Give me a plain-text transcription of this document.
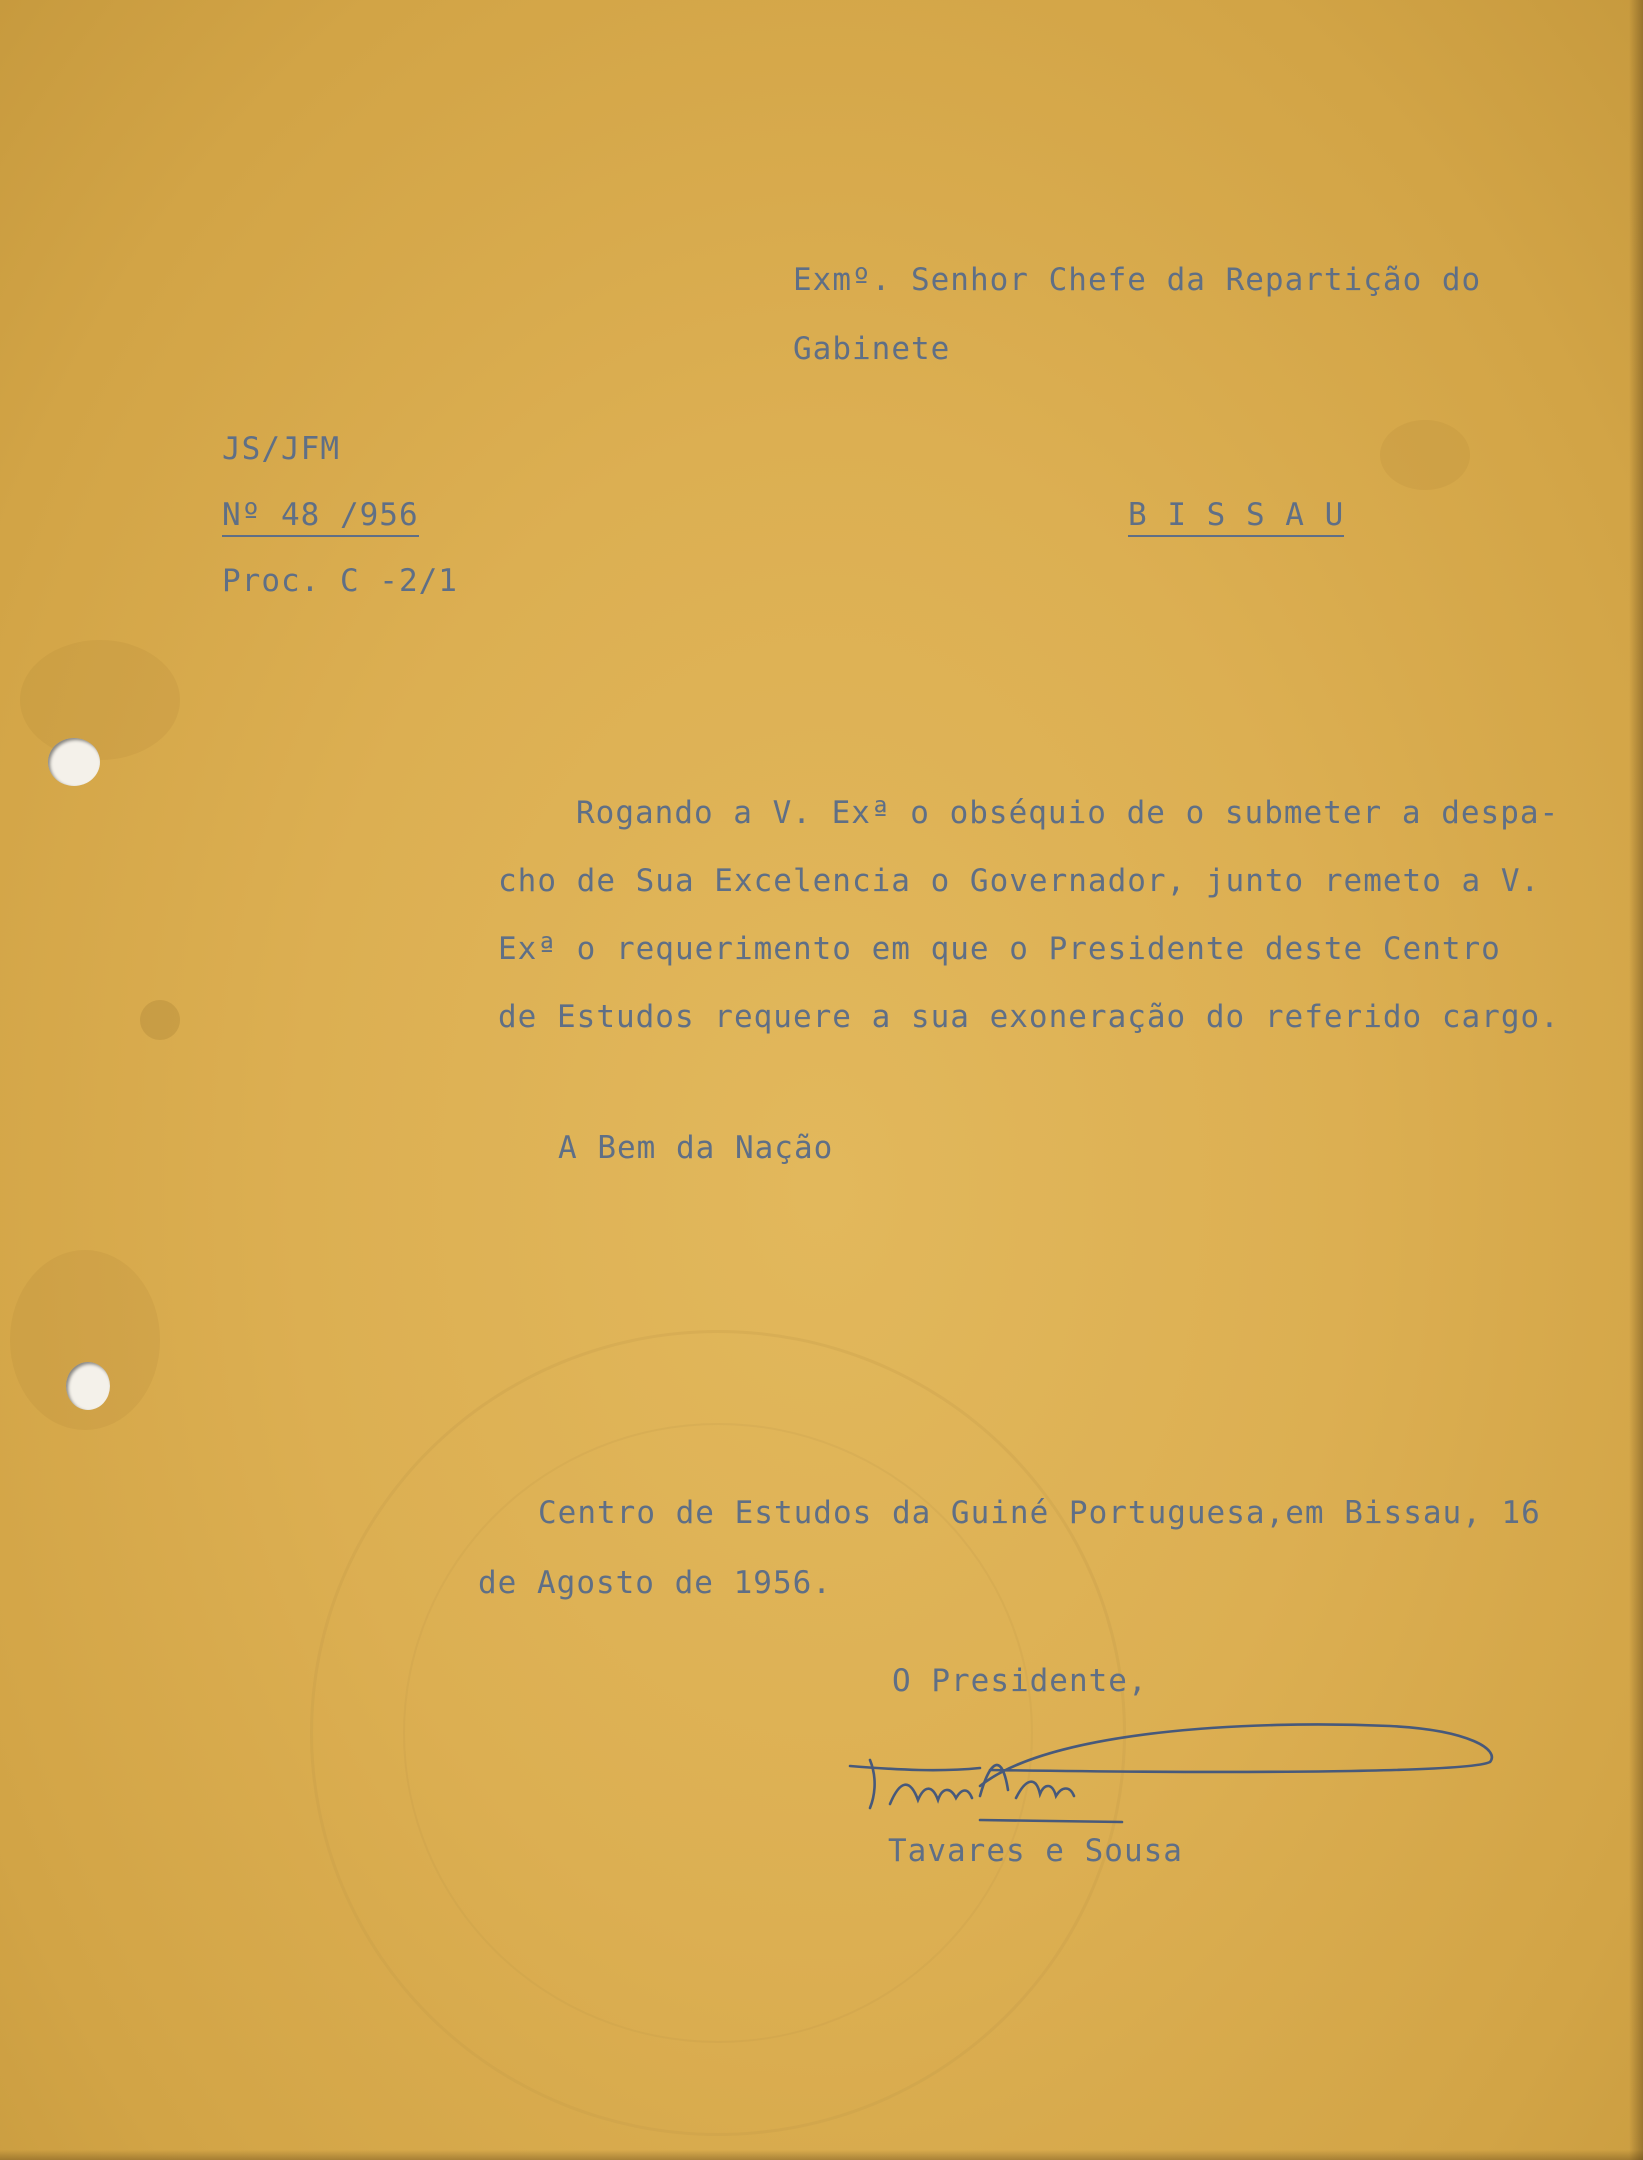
Exmº. Senhor Chefe da Repartição do
Gabinete
JS/JFM
Nº 48 /956
Proc. C -2/1
B I S S A U
Rogando a V. Exª o obséquio de o submeter a despa-
cho de Sua Excelencia o Governador, junto remeto a V.
Exª o requerimento em que o Presidente deste Centro
de Estudos requere a sua exoneração do referido cargo.
A Bem da Nação
Centro de Estudos da Guiné Portuguesa,em Bissau, 16
de Agosto de 1956.
O Presidente,
Tavares e Sousa
